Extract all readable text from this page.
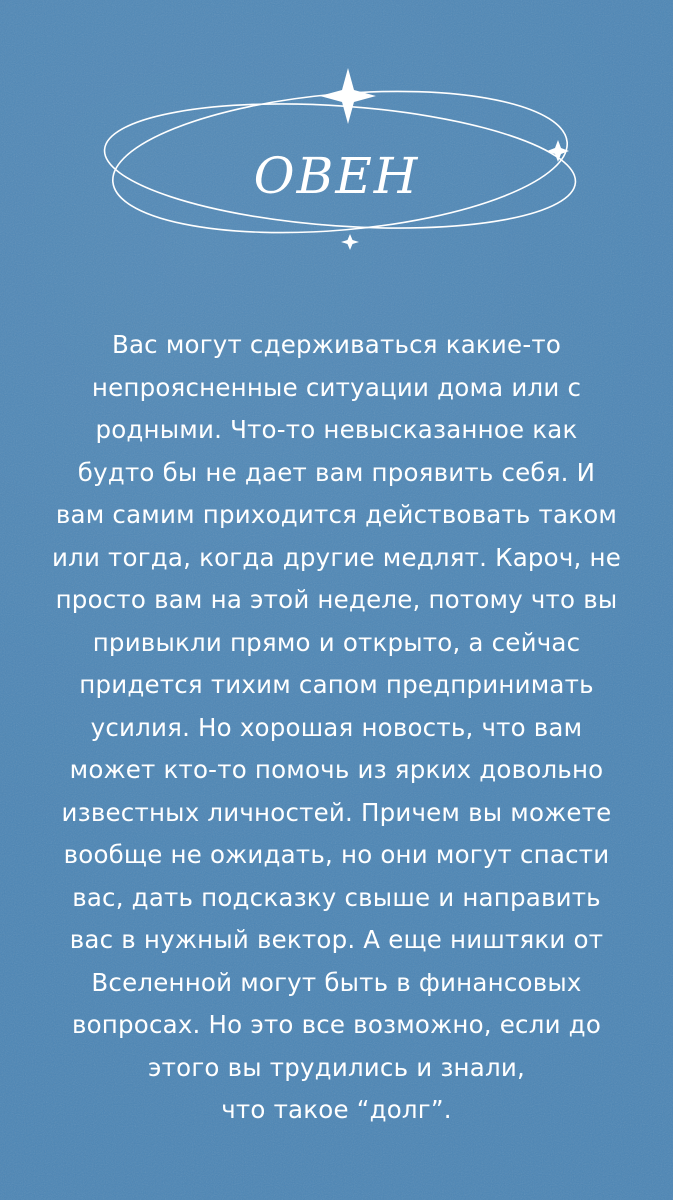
ОВЕН
Вас могут сдерживаться какие-то
непроясненные ситуации дома или с
родными. Что-то невысказанное как
будто бы не дает вам проявить себя. И
вам самим приходится действовать таком
или тогда, когда другие медлят. Кароч, не
просто вам на этой неделе, потому что вы
привыкли прямо и открыто, а сейчас
придется тихим сапом предпринимать
усилия. Но хорошая новость, что вам
может кто-то помочь из ярких довольно
известных личностей. Причем вы можете
вообще не ожидать, но они могут спасти
вас, дать подсказку свыше и направить
вас в нужный вектор. А еще ништяки от
Вселенной могут быть в финансовых
вопросах. Но это все возможно, если до
этого вы трудились и знали,
что такое “долг”.
